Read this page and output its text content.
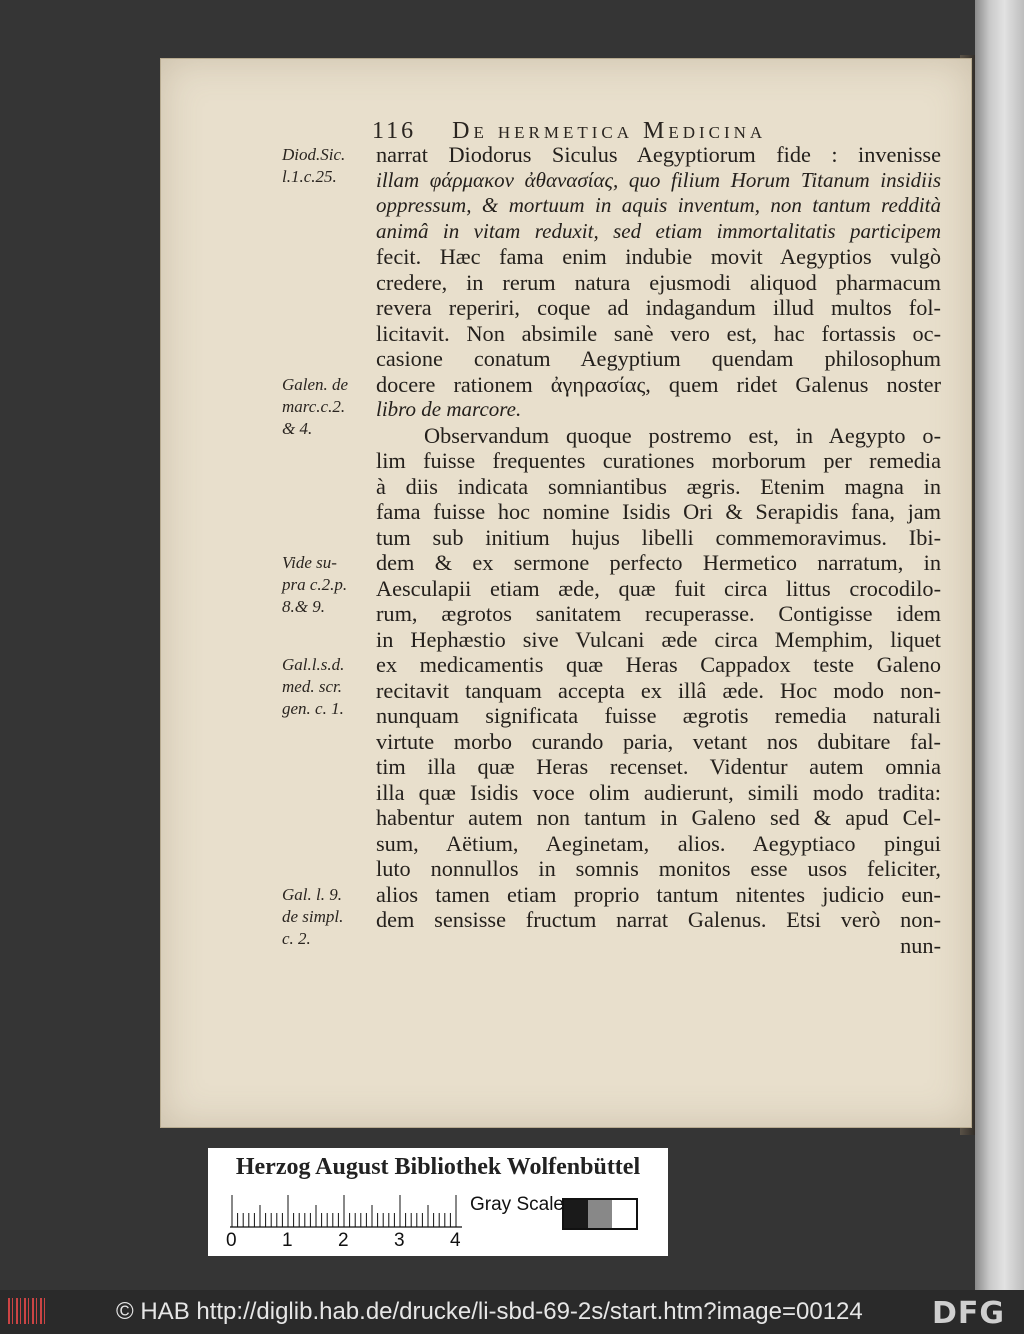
116 De hermetica Medicina
narrat Diodorus Siculus Aegyptiorum fide : invenisse
illam φάρμακον ἀθανασίας, quo filium Horum Titanum insidiis
oppressum, & mortuum in aquis inventum, non tantum reddità
animâ in vitam reduxit, sed etiam immortalitatis participem
fecit. Hæc fama enim indubie movit Aegyptios vulgò
credere, in rerum natura ejusmodi aliquod pharmacum
revera reperiri, coque ad indagandum illud multos fol-
licitavit. Non absimile sanè vero est, hac fortassis oc-
casione conatum Aegyptium quendam philosophum
docere rationem ἀγηρασίας, quem ridet Galenus noster
libro de marcore.
Observandum quoque postremo est, in Aegypto o-
lim fuisse frequentes curationes morborum per remedia
à diis indicata somniantibus ægris. Etenim magna in
fama fuisse hoc nomine Isidis Ori & Serapidis fana, jam
tum sub initium hujus libelli commemoravimus. Ibi-
dem & ex sermone perfecto Hermetico narratum, in
Aesculapii etiam æde, quæ fuit circa littus crocodilo-
rum, ægrotos sanitatem recuperasse. Contigisse idem
in Hephæstio sive Vulcani æde circa Memphim, liquet
ex medicamentis quæ Heras Cappadox teste Galeno
recitavit tanquam accepta ex illâ æde. Hoc modo non-
nunquam significata fuisse ægrotis remedia naturali
virtute morbo curando paria, vetant nos dubitare fal-
tim illa quæ Heras recenset. Videntur autem omnia
illa quæ Isidis voce olim audierunt, simili modo tradita:
habentur autem non tantum in Galeno sed & apud Cel-
sum, Aëtium, Aeginetam, alios. Aegyptiaco pingui
luto nonnullos in somnis monitos esse usos feliciter,
alios tamen etiam proprio tantum nitentes judicio eun-
dem sensisse fructum narrat Galenus. Etsi verò non-
nun-
Diod.Sic.
l.1.c.25.
Galen. de
marc.c.2.
& 4.
Vide su-
pra c.2.p.
8.& 9.
Gal.l.s.d.
med. scr.
gen. c. 1.
Gal. l. 9.
de simpl.
c. 2.
Herzog August Bibliothek Wolfenbüttel
0 1 2 3 4
Gray Scale
© HAB http://diglib.hab.de/drucke/li-sbd-69-2s/start.htm?image=00124 DFG
